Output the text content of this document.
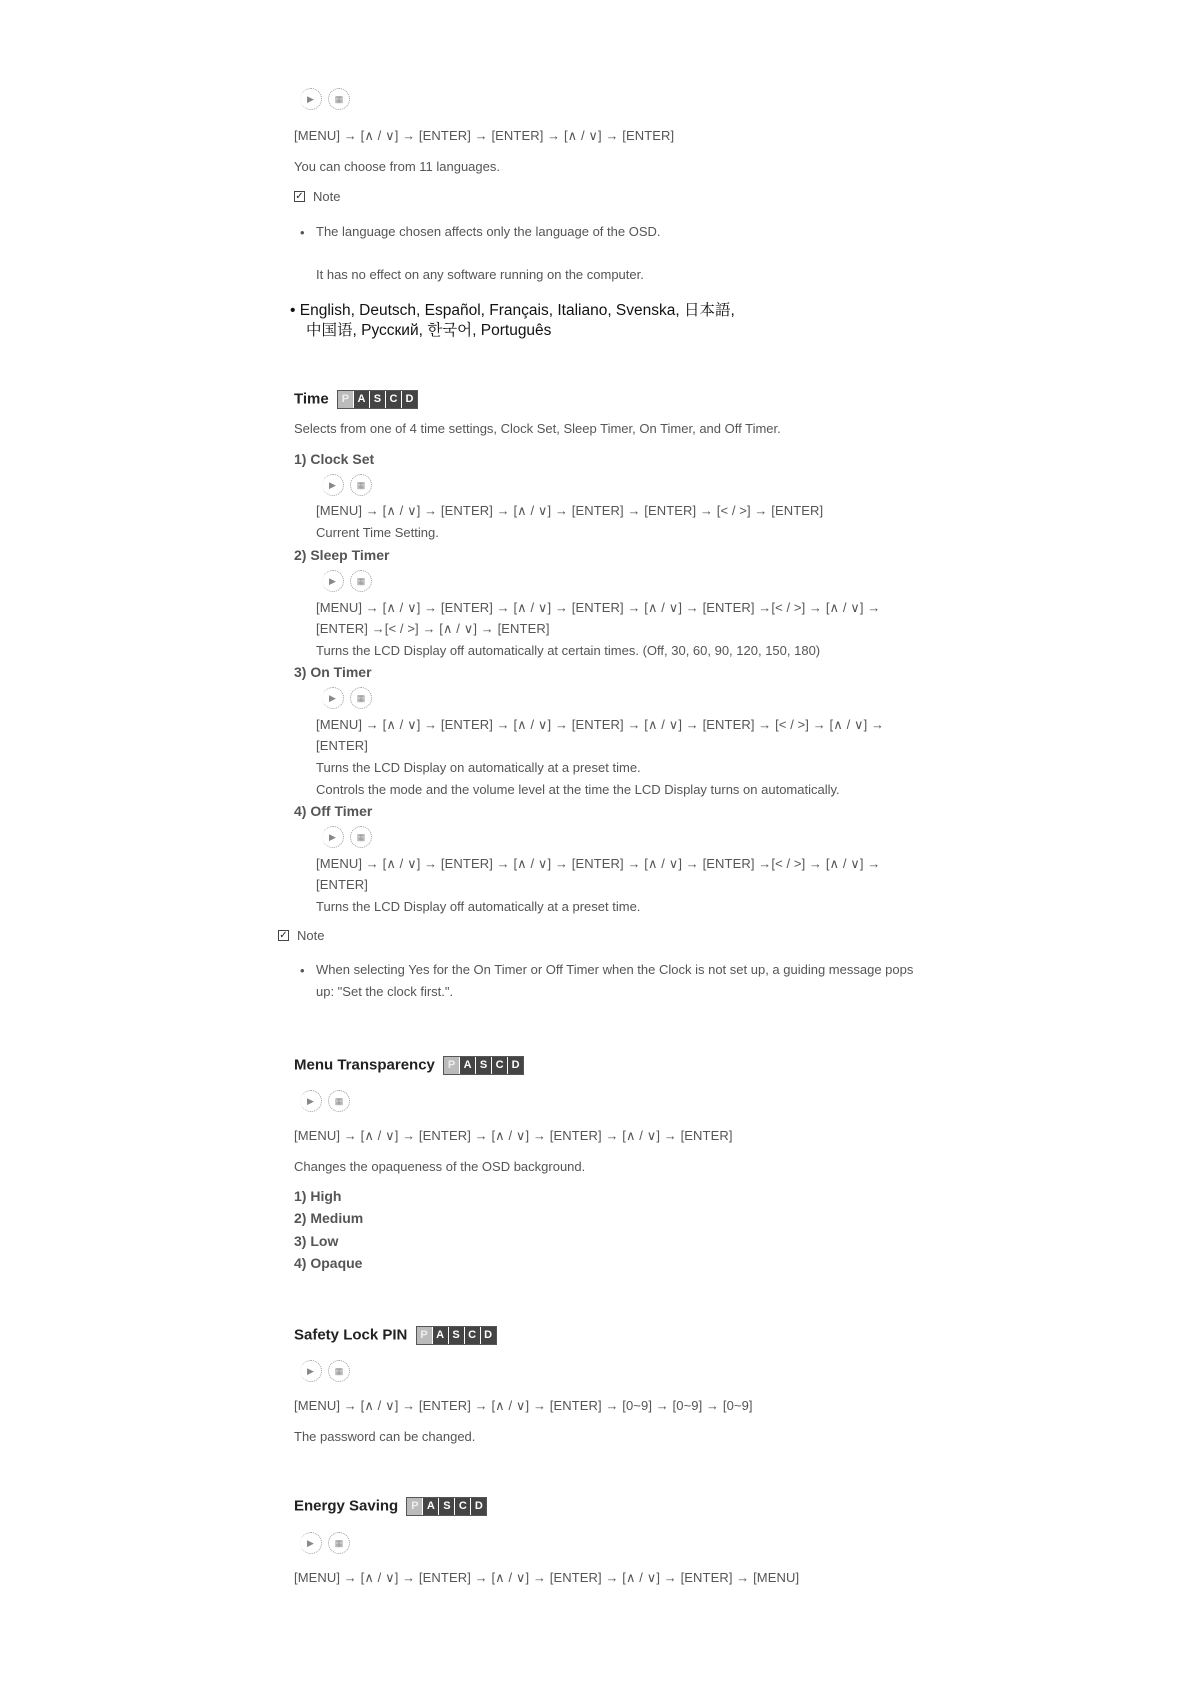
▶	▦
[MENU] → [∧ / ∨] → [ENTER] → [ENTER] → [∧ / ∨] → [ENTER]
You can choose from 11 languages.
✓ Note
• The language chosen affects only the language of the OSD.
It has no effect on any software running on the computer.
• English, Deutsch, Español, Français, Italiano, Svenska, 日本語,
中国语, Русский, 한국어, Português
Time	P A S C D
Selects from one of 4 time settings, Clock Set, Sleep Timer, On Timer, and Off Timer.
1) Clock Set
▶	▦
[MENU] → [∧ / ∨] → [ENTER] → [∧ / ∨] → [ENTER] → [ENTER] → [< / >] → [ENTER]
Current Time Setting.
2) Sleep Timer
▶	▦
[MENU] → [∧ / ∨] → [ENTER] → [∧ / ∨] → [ENTER] → [∧ / ∨] → [ENTER] →[< / >] → [∧ / ∨] →
[ENTER] →[< / >] → [∧ / ∨] → [ENTER]
Turns the LCD Display off automatically at certain times. (Off, 30, 60, 90, 120, 150, 180)
3) On Timer
▶	▦
[MENU] → [∧ / ∨] → [ENTER] → [∧ / ∨] → [ENTER] → [∧ / ∨] → [ENTER] → [< / >] → [∧ / ∨] →
[ENTER]
Turns the LCD Display on automatically at a preset time.
Controls the mode and the volume level at the time the LCD Display turns on automatically.
4) Off Timer
▶	▦
[MENU] → [∧ / ∨] → [ENTER] → [∧ / ∨] → [ENTER] → [∧ / ∨] → [ENTER] →[< / >] → [∧ / ∨] →
[ENTER]
Turns the LCD Display off automatically at a preset time.
✓ Note
• When selecting Yes for the On Timer or Off Timer when the Clock is not set up, a guiding message pops
up: "Set the clock first.".
Menu Transparency	P A S C D
▶	▦
[MENU] → [∧ / ∨] → [ENTER] → [∧ / ∨] → [ENTER] → [∧ / ∨] → [ENTER]
Changes the opaqueness of the OSD background.
1) High
2) Medium
3) Low
4) Opaque
Safety Lock PIN	P A S C D
▶	▦
[MENU] → [∧ / ∨] → [ENTER] → [∧ / ∨] → [ENTER] → [0~9] → [0~9] → [0~9]
The password can be changed.
Energy Saving	P A S C D
▶	▦
[MENU] → [∧ / ∨] → [ENTER] → [∧ / ∨] → [ENTER] → [∧ / ∨] → [ENTER] → [MENU]
